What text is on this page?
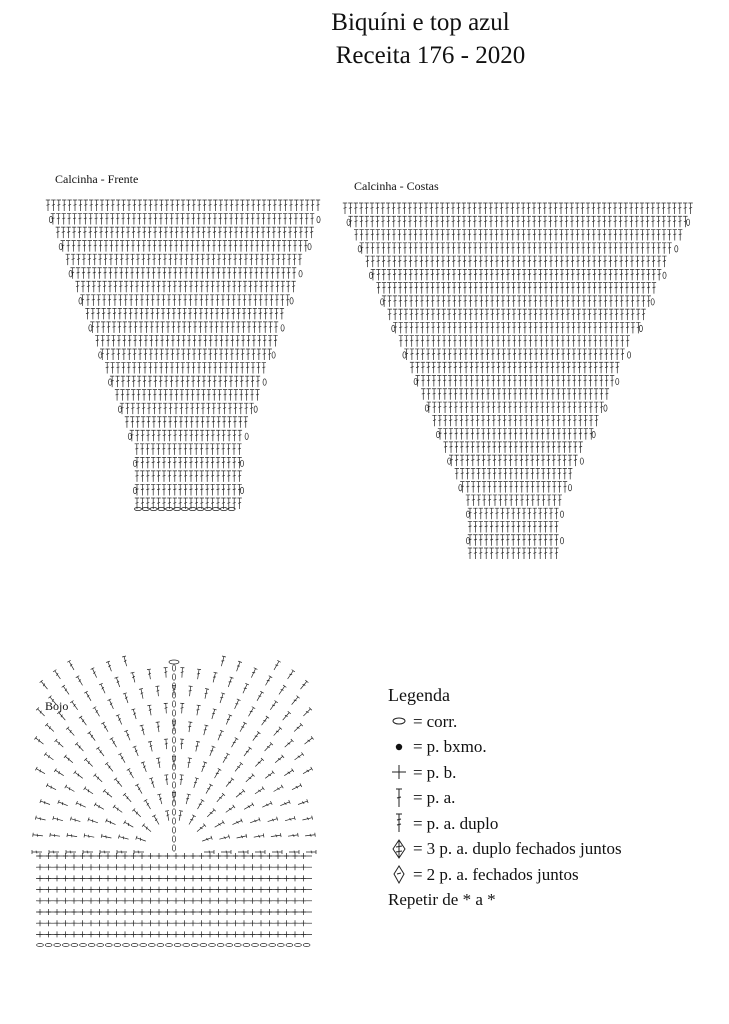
Biquíni e top azul
Receita 176 - 2020
Calcinha - Frente	Calcinha - Costas
Bojo
Legenda
= corr.
= p. bxmo.
= p. b.
= p. a.
= p. a. duplo
= 3 p. a. duplo fechados juntos
= 2 p. a. fechados juntos
Repetir de * a *
